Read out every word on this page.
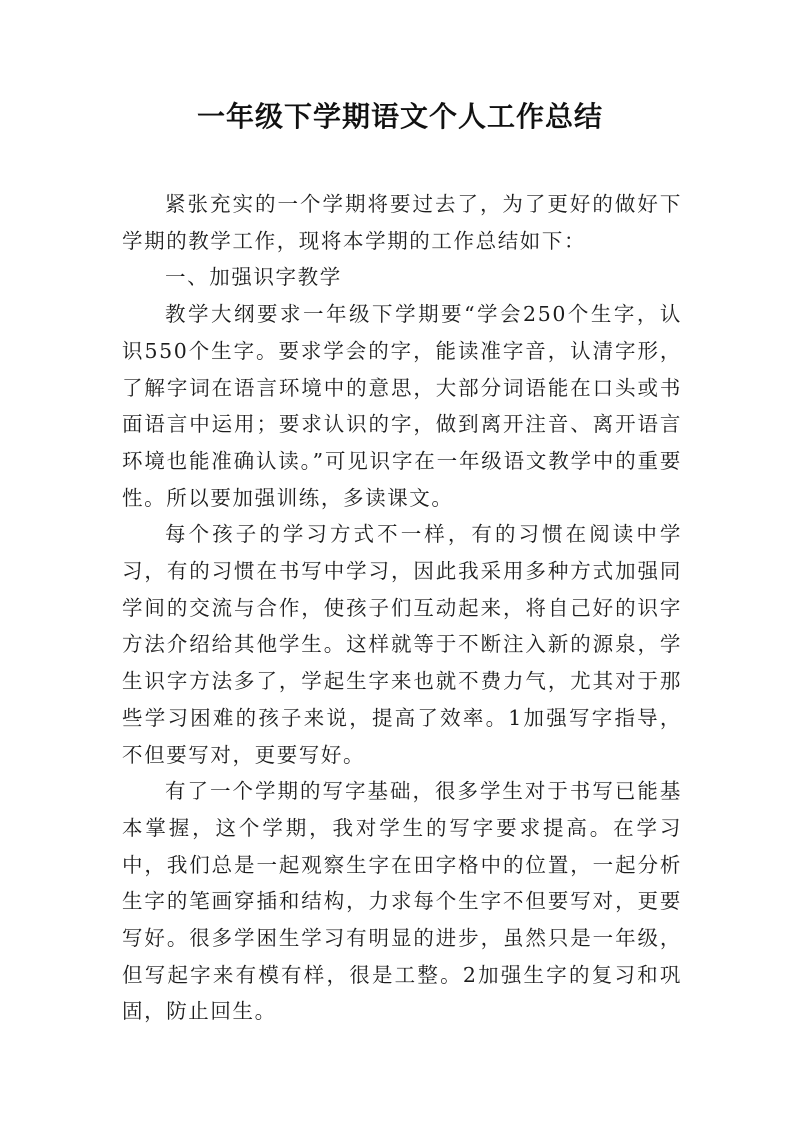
一年级下学期语文个人工作总结

紧张充实的一个学期将要过去了，为了更好的做好下学期的教学工作，现将本学期的工作总结如下：

一、加强识字教学

教学大纲要求一年级下学期要“学会250个生字，认识550个生字。要求学会的字，能读准字音，认清字形，了解字词在语言环境中的意思，大部分词语能在口头或书面语言中运用；要求认识的字，做到离开注音、离开语言环境也能准确认读。”可见识字在一年级语文教学中的重要性。所以要加强训练，多读课文。

每个孩子的学习方式不一样，有的习惯在阅读中学习，有的习惯在书写中学习，因此我采用多种方式加强同学间的交流与合作，使孩子们互动起来，将自己好的识字方法介绍给其他学生。这样就等于不断注入新的源泉，学生识字方法多了，学起生字来也就不费力气，尤其对于那些学习困难的孩子来说，提高了效率。1加强写字指导，不但要写对，更要写好。

有了一个学期的写字基础，很多学生对于书写已能基本掌握，这个学期，我对学生的写字要求提高。在学习中，我们总是一起观察生字在田字格中的位置，一起分析生字的笔画穿插和结构，力求每个生字不但要写对，更要写好。很多学困生学习有明显的进步，虽然只是一年级，但写起字来有模有样，很是工整。2加强生字的复习和巩固，防止回生。
